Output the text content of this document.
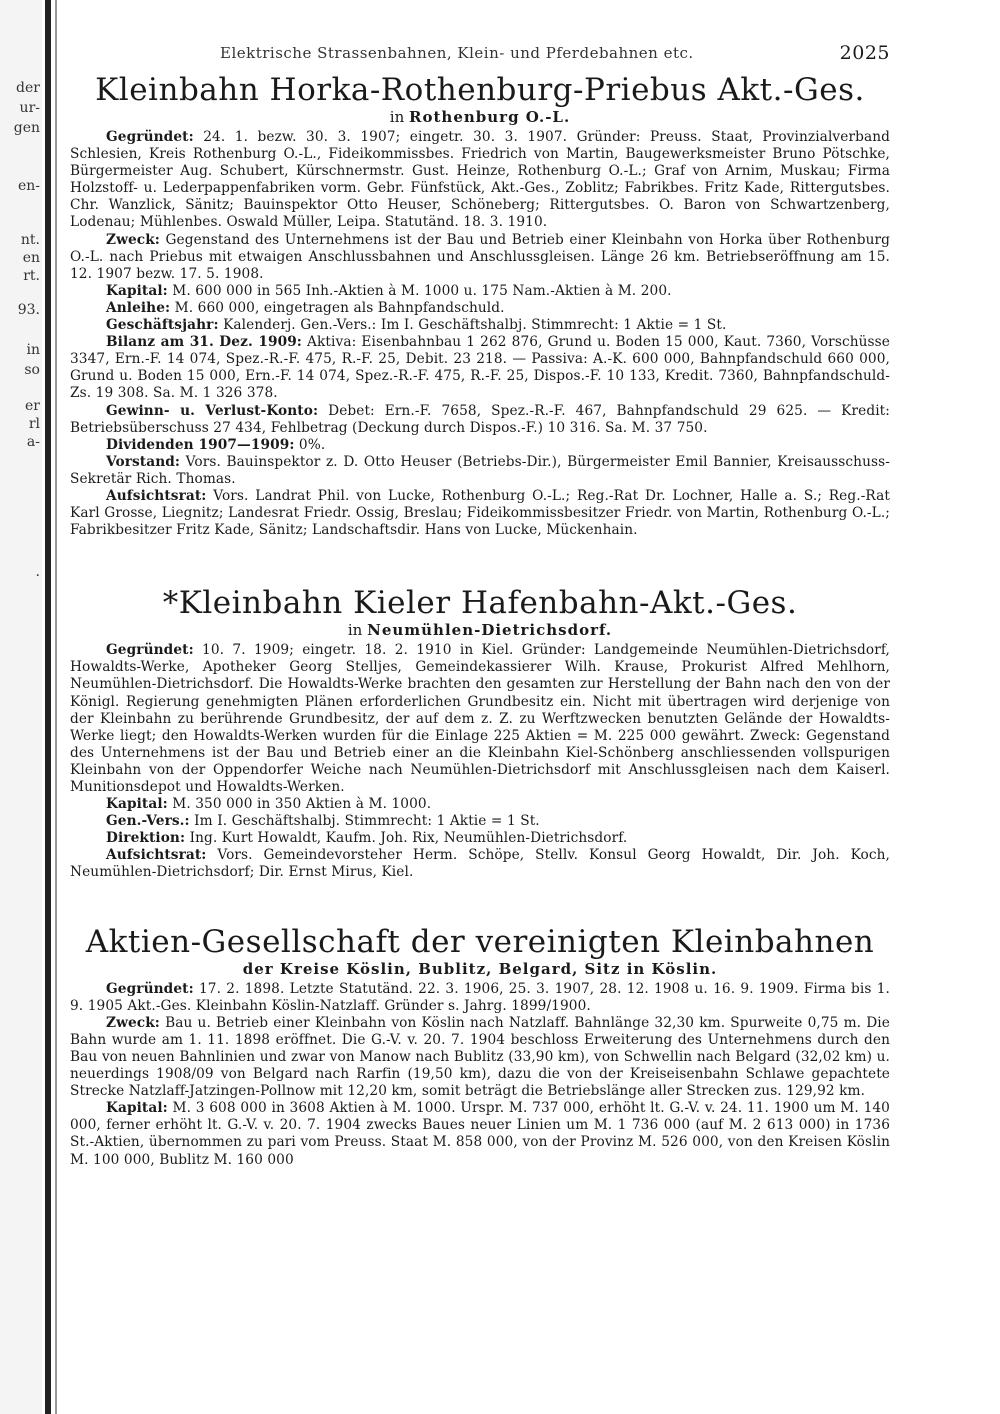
der
ur-
gen
en-
nt.
en
rt.
93.
in
so
er
rl
a-
.
Elektrische Strassenbahnen, Klein- und Pferdebahnen etc.	2025
Kleinbahn Horka-Rothenburg-Priebus Akt.-Ges.
in Rothenburg O.-L.

Gegründet: 24. 1. bezw. 30. 3. 1907; eingetr. 30. 3. 1907. Gründer: Preuss. Staat, Provinzialverband Schlesien, Kreis Rothenburg O.-L., Fideikommissbes. Friedrich von Martin, Baugewerksmeister Bruno Pötschke, Bürgermeister Aug. Schubert, Kürschnermstr. Gust. Heinze, Rothenburg O.-L.; Graf von Arnim, Muskau; Firma Holzstoff- u. Lederpappenfabriken vorm. Gebr. Fünfstück, Akt.-Ges., Zoblitz; Fabrikbes. Fritz Kade, Rittergutsbes. Chr. Wanzlick, Sänitz; Bauinspektor Otto Heuser, Schöneberg; Rittergutsbes. O. Baron von Schwartzenberg, Lodenau; Mühlenbes. Oswald Müller, Leipa. Statutänd. 18. 3. 1910.

Zweck: Gegenstand des Unternehmens ist der Bau und Betrieb einer Kleinbahn von Horka über Rothenburg O.-L. nach Priebus mit etwaigen Anschlussbahnen und Anschlussgleisen. Länge 26 km. Betriebseröffnung am 15. 12. 1907 bezw. 17. 5. 1908.

Kapital: M. 600 000 in 565 Inh.-Aktien à M. 1000 u. 175 Nam.-Aktien à M. 200.

Anleihe: M. 660 000, eingetragen als Bahnpfandschuld.

Geschäftsjahr: Kalenderj. Gen.-Vers.: Im I. Geschäftshalbj. Stimmrecht: 1 Aktie = 1 St.

Bilanz am 31. Dez. 1909: Aktiva: Eisenbahnbau 1 262 876, Grund u. Boden 15 000, Kaut. 7360, Vorschüsse 3347, Ern.-F. 14 074, Spez.-R.-F. 475, R.-F. 25, Debit. 23 218. — Passiva: A.-K. 600 000, Bahnpfandschuld 660 000, Grund u. Boden 15 000, Ern.-F. 14 074, Spez.-R.-F. 475, R.-F. 25, Dispos.-F. 10 133, Kredit. 7360, Bahnpfandschuld-Zs. 19 308. Sa. M. 1 326 378.

Gewinn- u. Verlust-Konto: Debet: Ern.-F. 7658, Spez.-R.-F. 467, Bahnpfandschuld 29 625. — Kredit: Betriebsüberschuss 27 434, Fehlbetrag (Deckung durch Dispos.-F.) 10 316. Sa. M. 37 750.

Dividenden 1907—1909: 0%.

Vorstand: Vors. Bauinspektor z. D. Otto Heuser (Betriebs-Dir.), Bürgermeister Emil Bannier, Kreisausschuss-Sekretär Rich. Thomas.

Aufsichtsrat: Vors. Landrat Phil. von Lucke, Rothenburg O.-L.; Reg.-Rat Dr. Lochner, Halle a. S.; Reg.-Rat Karl Grosse, Liegnitz; Landesrat Friedr. Ossig, Breslau; Fideikommissbesitzer Friedr. von Martin, Rothenburg O.-L.; Fabrikbesitzer Fritz Kade, Sänitz; Landschaftsdir. Hans von Lucke, Mückenhain.

*Kleinbahn Kieler Hafenbahn-Akt.-Ges.
in Neumühlen-Dietrichsdorf.

Gegründet: 10. 7. 1909; eingetr. 18. 2. 1910 in Kiel. Gründer: Landgemeinde Neumühlen-Dietrichsdorf, Howaldts-Werke, Apotheker Georg Stelljes, Gemeindekassierer Wilh. Krause, Prokurist Alfred Mehlhorn, Neumühlen-Dietrichsdorf. Die Howaldts-Werke brachten den gesamten zur Herstellung der Bahn nach den von der Königl. Regierung genehmigten Plänen erforderlichen Grundbesitz ein. Nicht mit übertragen wird derjenige von der Kleinbahn zu berührende Grundbesitz, der auf dem z. Z. zu Werftzwecken benutzten Gelände der Howaldts-Werke liegt; den Howaldts-Werken wurden für die Einlage 225 Aktien = M. 225 000 gewährt. Zweck: Gegenstand des Unternehmens ist der Bau und Betrieb einer an die Kleinbahn Kiel-Schönberg anschliessenden vollspurigen Kleinbahn von der Oppendorfer Weiche nach Neumühlen-Dietrichsdorf mit Anschlussgleisen nach dem Kaiserl. Munitionsdepot und Howaldts-Werken.

Kapital: M. 350 000 in 350 Aktien à M. 1000.

Gen.-Vers.: Im I. Geschäftshalbj. Stimmrecht: 1 Aktie = 1 St.

Direktion: Ing. Kurt Howaldt, Kaufm. Joh. Rix, Neumühlen-Dietrichsdorf.

Aufsichtsrat: Vors. Gemeindevorsteher Herm. Schöpe, Stellv. Konsul Georg Howaldt, Dir. Joh. Koch, Neumühlen-Dietrichsdorf; Dir. Ernst Mirus, Kiel.

Aktien-Gesellschaft der vereinigten Kleinbahnen
der Kreise Köslin, Bublitz, Belgard, Sitz in Köslin.

Gegründet: 17. 2. 1898. Letzte Statutänd. 22. 3. 1906, 25. 3. 1907, 28. 12. 1908 u. 16. 9. 1909. Firma bis 1. 9. 1905 Akt.-Ges. Kleinbahn Köslin-Natzlaff. Gründer s. Jahrg. 1899/1900.

Zweck: Bau u. Betrieb einer Kleinbahn von Köslin nach Natzlaff. Bahnlänge 32,30 km. Spurweite 0,75 m. Die Bahn wurde am 1. 11. 1898 eröffnet. Die G.-V. v. 20. 7. 1904 beschloss Erweiterung des Unternehmens durch den Bau von neuen Bahnlinien und zwar von Manow nach Bublitz (33,90 km), von Schwellin nach Belgard (32,02 km) u. neuerdings 1908/09 von Belgard nach Rarfin (19,50 km), dazu die von der Kreiseisenbahn Schlawe gepachtete Strecke Natzlaff-Jatzingen-Pollnow mit 12,20 km, somit beträgt die Betriebslänge aller Strecken zus. 129,92 km.

Kapital: M. 3 608 000 in 3608 Aktien à M. 1000. Urspr. M. 737 000, erhöht lt. G.-V. v. 24. 11. 1900 um M. 140 000, ferner erhöht lt. G.-V. v. 20. 7. 1904 zwecks Baues neuer Linien um M. 1 736 000 (auf M. 2 613 000) in 1736 St.-Aktien, übernommen zu pari vom Preuss. Staat M. 858 000, von der Provinz M. 526 000, von den Kreisen Köslin M. 100 000, Bublitz M. 160 000
